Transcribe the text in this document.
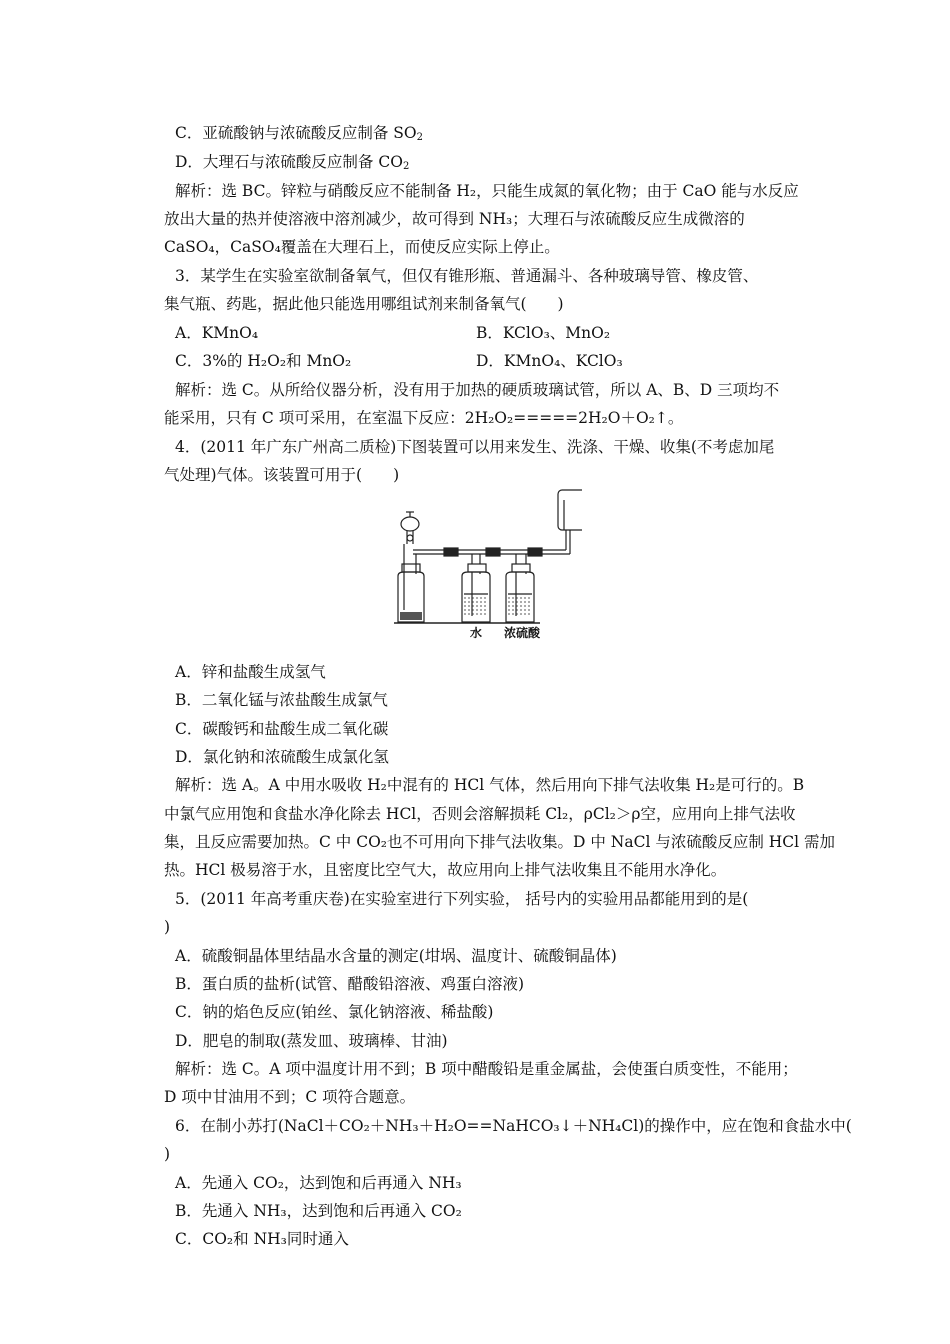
C．亚硫酸钠与浓硫酸反应制备 $SO_2$
D．大理石与浓硫酸反应制备 $CO_2$
解析：选 BC。锌粒与硝酸反应不能制备 H₂，只能生成氮的氧化物；由于 CaO 能与水反应
放出大量的热并使溶液中溶剂减少，故可得到 NH₃；大理石与浓硫酸反应生成微溶的
CaSO₄，CaSO₄覆盖在大理石上，而使反应实际上停止。
3．某学生在实验室欲制备氧气，但仅有锥形瓶、普通漏斗、各种玻璃导管、橡皮管、
集气瓶、药匙，据此他只能选用哪组试剂来制备氧气(　　)
A．KMnO₄	B．KClO₃、MnO₂
C．3%的 H₂O₂和 MnO₂	D．KMnO₄、KClO₃
解析：选 C。从所给仪器分析，没有用于加热的硬质玻璃试管，所以 A、B、D 三项均不
能采用，只有 C 项可采用，在室温下反应：2H₂O₂=====2H₂O＋O₂↑。
4．(2011 年广东广州高二质检)下图装置可以用来发生、洗涤、干燥、收集(不考虑加尾
气处理)气体。该装置可用于(　　)
水 浓硫酸
A．锌和盐酸生成氢气
B．二氧化锰与浓盐酸生成氯气
C．碳酸钙和盐酸生成二氧化碳
D．氯化钠和浓硫酸生成氯化氢
解析：选 A。A 中用水吸收 H₂中混有的 HCl 气体，然后用向下排气法收集 H₂是可行的。B
中氯气应用饱和食盐水净化除去 HCl，否则会溶解损耗 Cl₂，ρCl₂＞ρ空，应用向上排气法收
集，且反应需要加热。C 中 CO₂也不可用向下排气法收集。D 中 NaCl 与浓硫酸反应制 HCl 需加
热。HCl 极易溶于水，且密度比空气大，故应用向上排气法收集且不能用水净化。
5．(2011 年高考重庆卷)在实验室进行下列实验， 括号内的实验用品都能用到的是(
)
A．硫酸铜晶体里结晶水含量的测定(坩埚、温度计、硫酸铜晶体)
B．蛋白质的盐析(试管、醋酸铅溶液、鸡蛋白溶液)
C．钠的焰色反应(铂丝、氯化钠溶液、稀盐酸)
D．肥皂的制取(蒸发皿、玻璃棒、甘油)
解析：选 C。A 项中温度计用不到；B 项中醋酸铅是重金属盐，会使蛋白质变性，不能用；
D 项中甘油用不到；C 项符合题意。
6．在制小苏打(NaCl＋CO₂＋NH₃＋H₂O==NaHCO₃↓＋NH₄Cl)的操作中，应在饱和食盐水中(
)
A．先通入 CO₂，达到饱和后再通入 NH₃
B．先通入 NH₃，达到饱和后再通入 CO₂
C．CO₂和 NH₃同时通入
